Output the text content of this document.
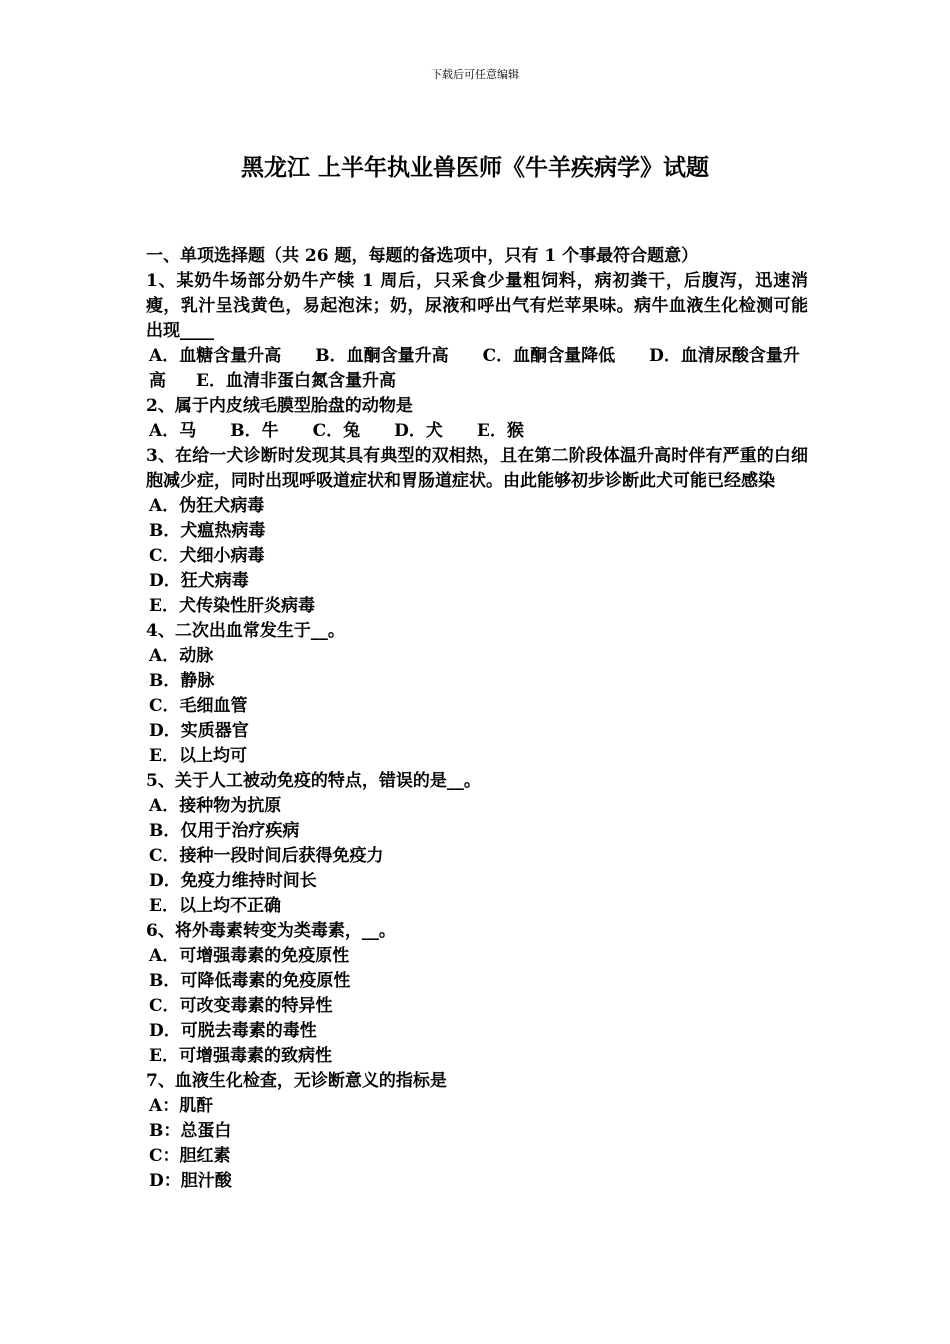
下载后可任意编辑
黑龙江 上半年执业兽医师《牛羊疾病学》试题
一、单项选择题（共 26 题，每题的备选项中，只有 1 个事最符合题意）
1、某奶牛场部分奶牛产犊 1 周后，只采食少量粗饲料，病初粪干，后腹泻，迅速消瘦，乳汁呈浅黄色，易起泡沫；奶，尿液和呼出气有烂苹果味。病牛血液生化检测可能出现____
A．血糖含量升高 B．血酮含量升高 C．血酮含量降低 D．血清尿酸含量升高 E．血清非蛋白氮含量升高
2、属于内皮绒毛膜型胎盘的动物是
A．马 B．牛 C．兔 D．犬 E．猴
3、在给一犬诊断时发现其具有典型的双相热，且在第二阶段体温升高时伴有严重的白细胞减少症，同时出现呼吸道症状和胃肠道症状。由此能够初步诊断此犬可能已经感染
A．伪狂犬病毒
B．犬瘟热病毒
C．犬细小病毒
D．狂犬病毒
E．犬传染性肝炎病毒
4、二次出血常发生于__。
A．动脉
B．静脉
C．毛细血管
D．实质器官
E．以上均可
5、关于人工被动免疫的特点，错误的是__。
A．接种物为抗原
B．仅用于治疗疾病
C．接种一段时间后获得免疫力
D．免疫力维持时间长
E．以上均不正确
6、将外毒素转变为类毒素，__。
A．可增强毒素的免疫原性
B．可降低毒素的免疫原性
C．可改变毒素的特异性
D．可脱去毒素的毒性
E．可增强毒素的致病性
7、血液生化检查，无诊断意义的指标是
A：肌酐
B：总蛋白
C：胆红素
D：胆汁酸
